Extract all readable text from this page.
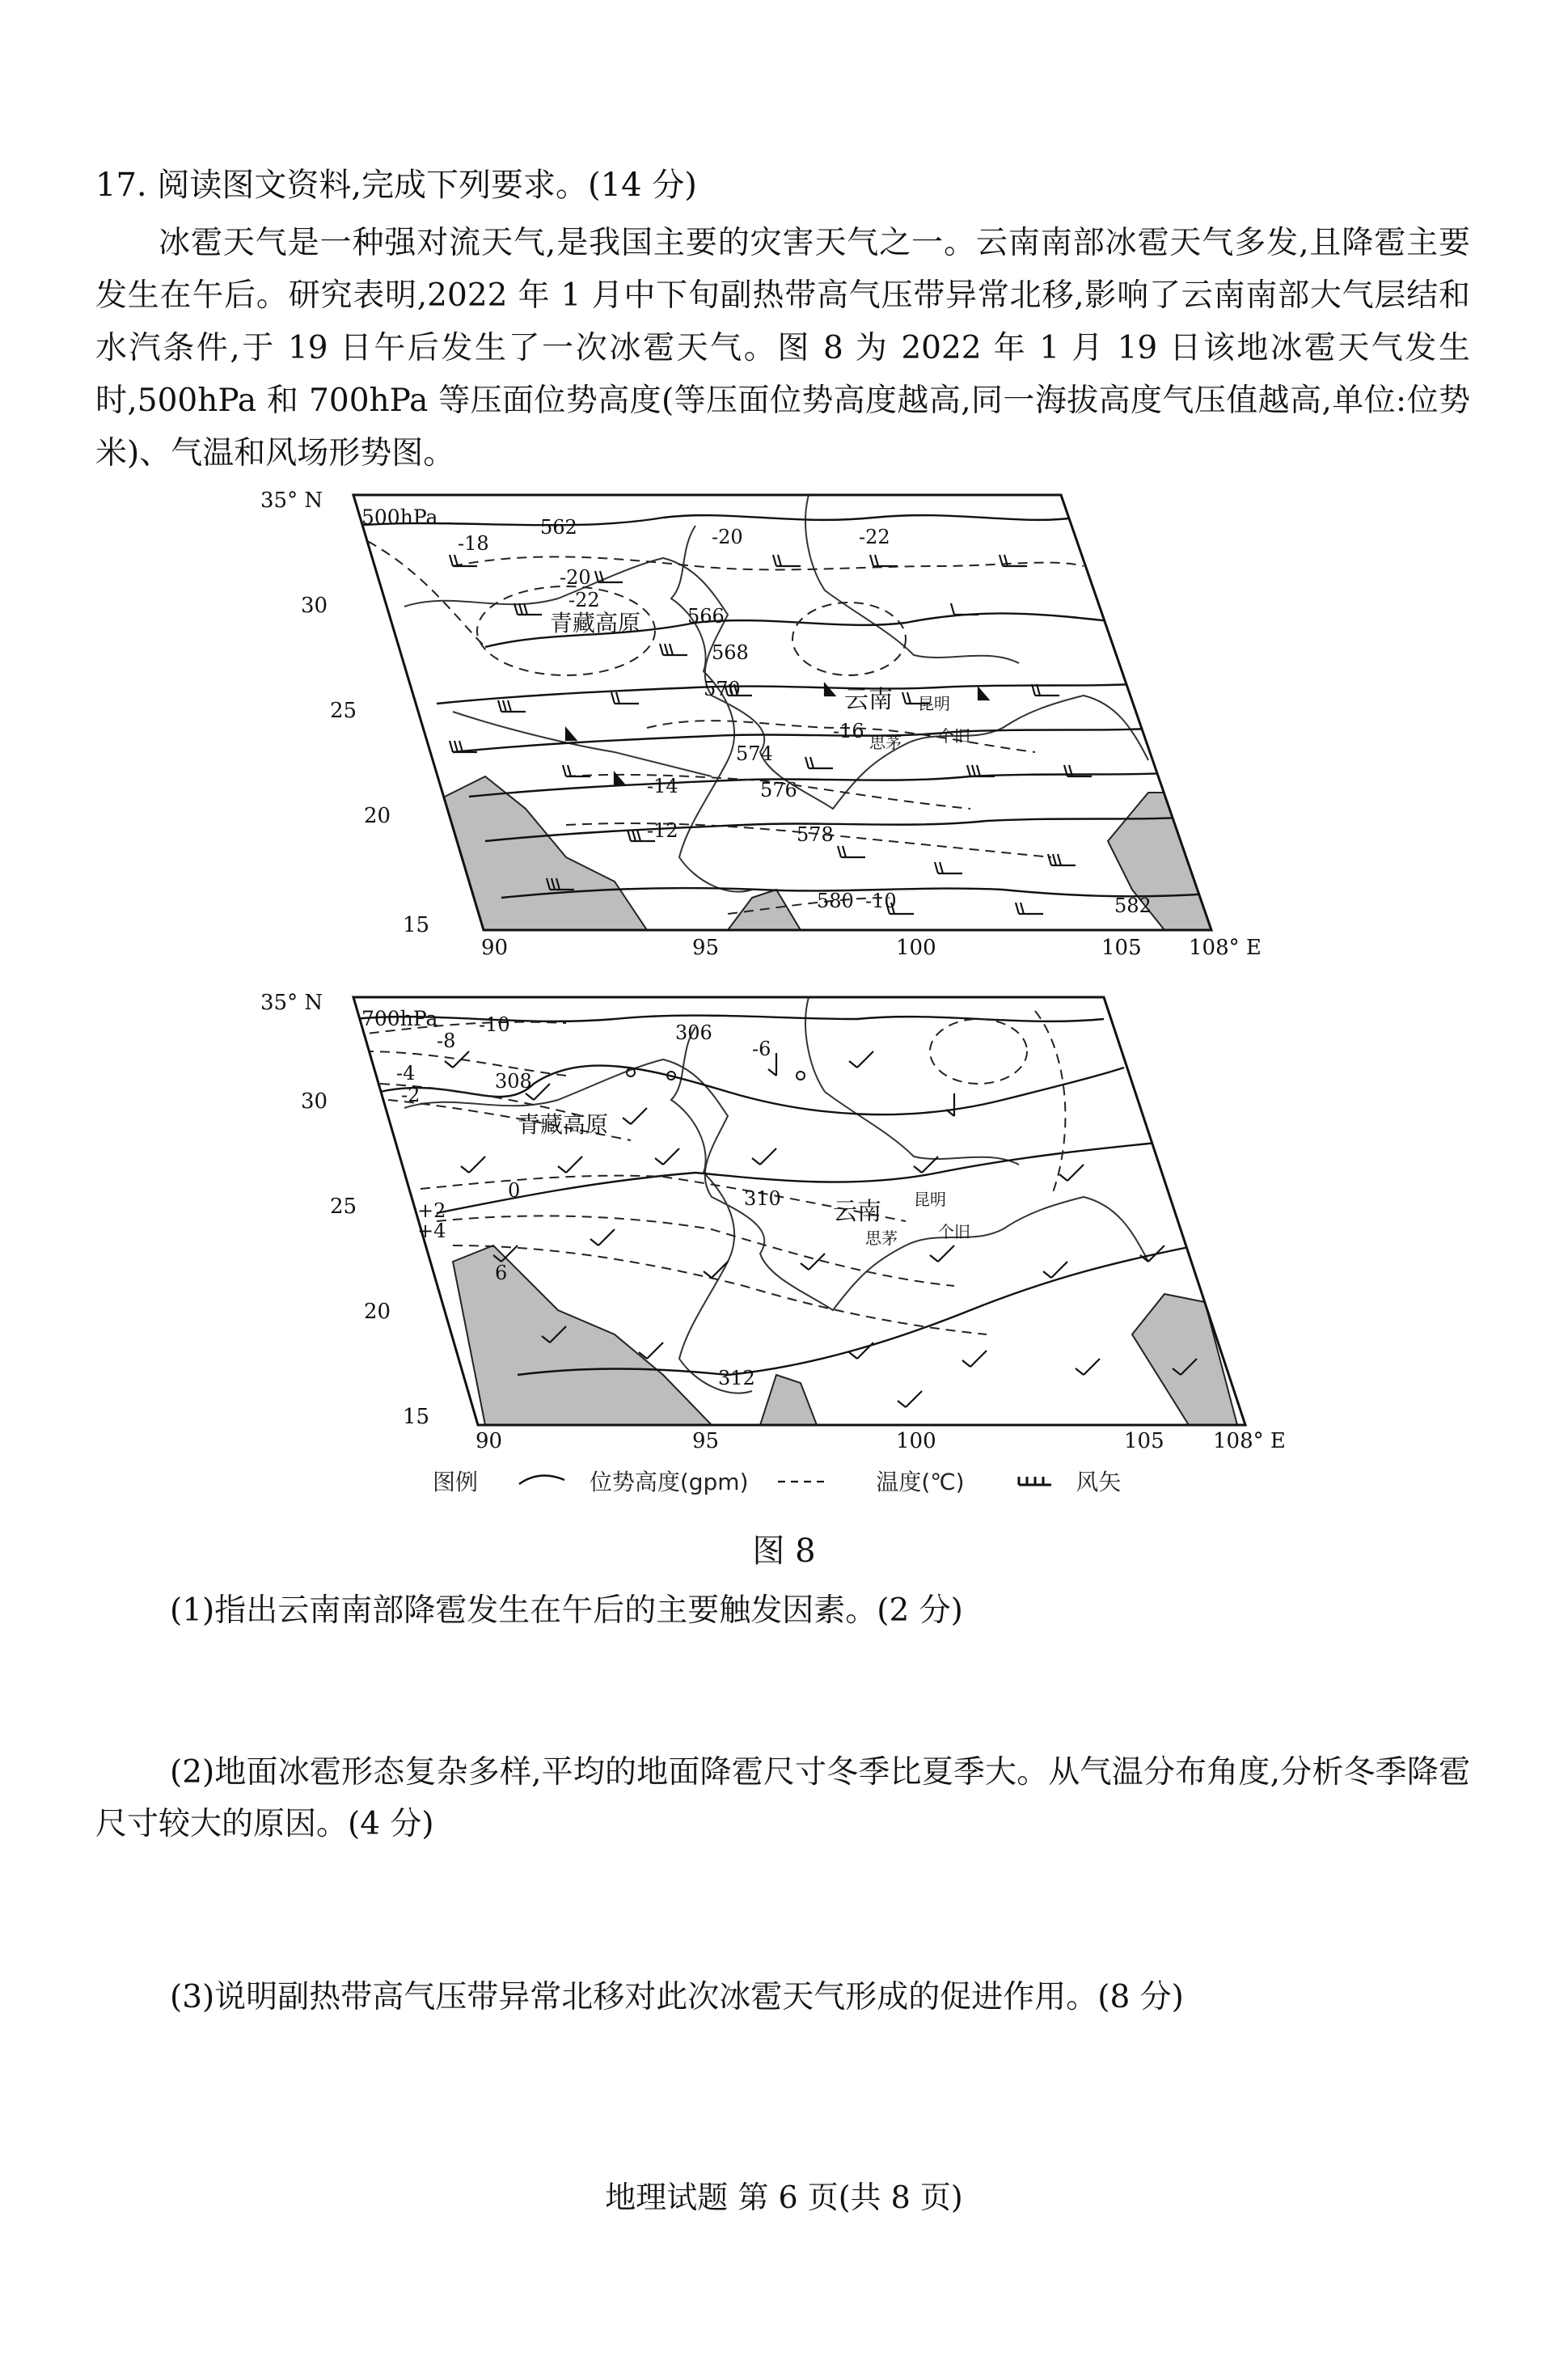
17. 阅读图文资料,完成下列要求。(14 分)
冰雹天气是一种强对流天气,是我国主要的灾害天气之一。云南南部冰雹天气多发,且降雹主要发生在午后。研究表明,2022 年 1 月中下旬副热带高气压带异常北移,影响了云南南部大气层结和水汽条件,于 19 日午后发生了一次冰雹天气。图 8 为 2022 年 1 月 19 日该地冰雹天气发生时,500hPa 和 700hPa 等压面位势高度(等压面位势高度越高,同一海拔高度气压值越高,单位:位势米)、气温和风场形势图。
35° N
30
25
20
15
90	95	100	105 108° E
500hPa	562
568
570
574
576
578
580	582
566
-18
-20
-22
-16
-14
-12
-10
-20	-22
青藏高原
云南 昆明
思茅 个旧
35° N
30
25
20
15
90	95	100	105 108° E
700hPa
306
308
310
312
-10
-8	-6
-4
-2
0
+2
+4
6
青藏高原
云南 昆明
思茅	个旧
图例	位势高度(gpm)	温度(℃)	风矢
图 8
(1)指出云南南部降雹发生在午后的主要触发因素。(2 分)
(2)地面冰雹形态复杂多样,平均的地面降雹尺寸冬季比夏季大。从气温分布角度,分析冬季降雹尺寸较大的原因。(4 分)
(3)说明副热带高气压带异常北移对此次冰雹天气形成的促进作用。(8 分)
地理试题 第 6 页(共 8 页)
